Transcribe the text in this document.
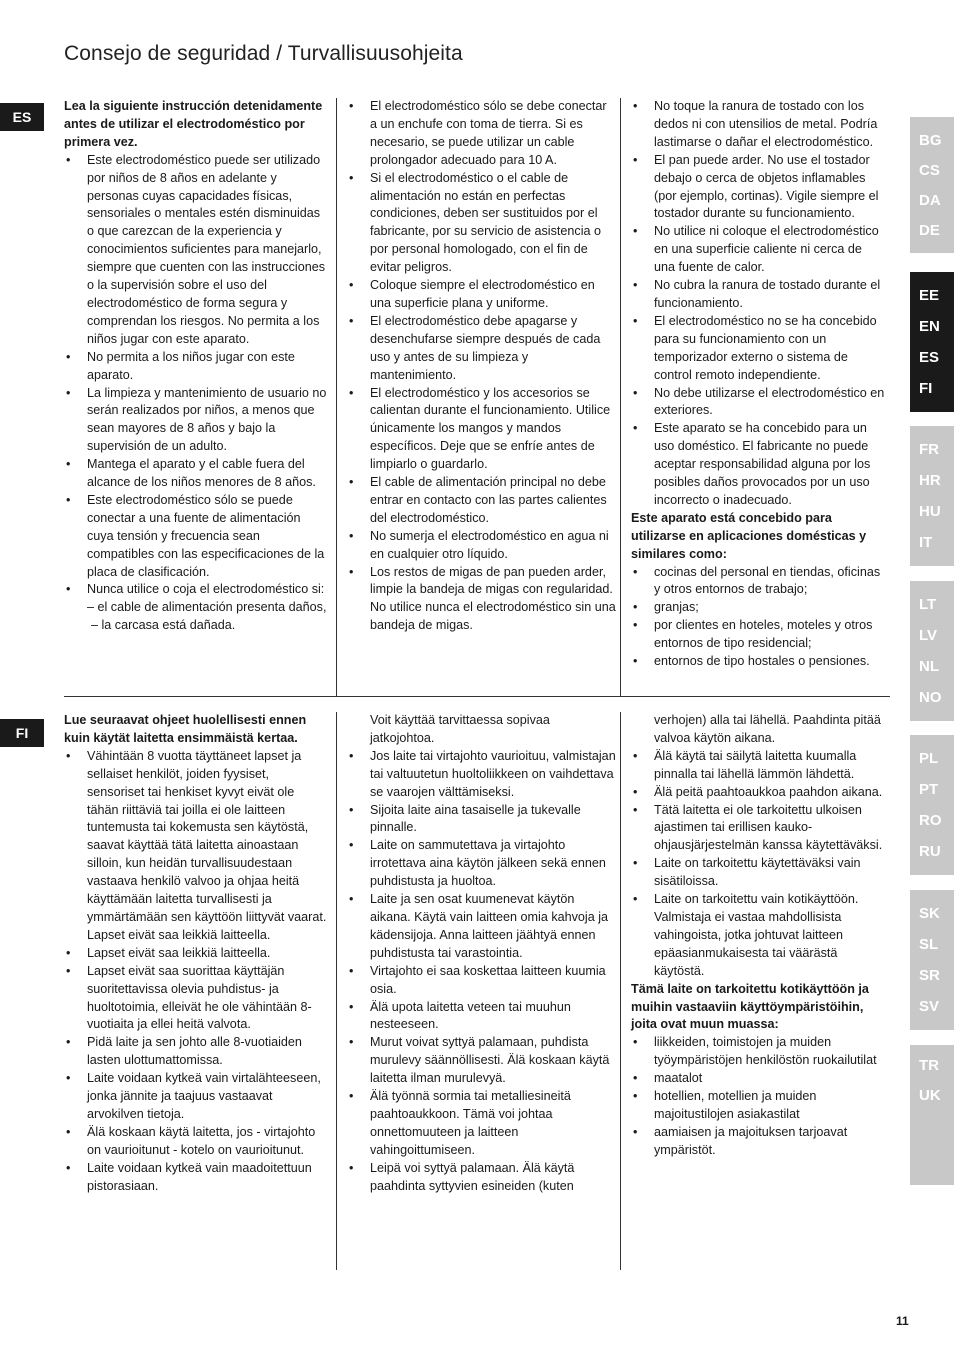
Consejo de seguridad / Turvallisuusohjeita
ES
FI

Lea la siguiente instrucción detenidamente antes de utilizar el electrodoméstico por primera vez.

• Este electrodoméstico puede ser utilizado por niños de 8 años en adelante y personas cuyas capacidades físicas, sensoriales o mentales estén disminuidas o que carezcan de la experiencia y conocimientos suficientes para manejarlo, siempre que cuenten con las instrucciones o la supervisión sobre el uso del electrodoméstico de forma segura y comprendan los riesgos. No permita a los niños jugar con este aparato.
• No permita a los niños jugar con este aparato.
• La limpieza y mantenimiento de usuario no serán realizados por niños, a menos que sean mayores de 8 años y bajo la supervisión de un adulto.
• Mantega el aparato y el cable fuera del alcance de los niños menores de 8 años.
• Este electrodoméstico sólo se puede conectar a una fuente de alimentación cuya tensión y frecuencia sean compatibles con las especificaciones de la placa de clasificación.
• Nunca utilice o coja el electrodoméstico si:
– el cable de alimentación presenta daños,
– la carcasa está dañada.
• El electrodoméstico sólo se debe conectar a un enchufe con toma de tierra. Si es necesario, se puede utilizar un cable prolongador adecuado para 10 A.
• Si el electrodoméstico o el cable de alimentación no están en perfectas condiciones, deben ser sustituidos por el fabricante, por su servicio de asistencia o por personal homologado, con el fin de evitar peligros.
• Coloque siempre el electrodoméstico en una superficie plana y uniforme.
• El electrodoméstico debe apagarse y desenchufarse siempre después de cada uso y antes de su limpieza y mantenimiento.
• El electrodoméstico y los accesorios se calientan durante el funcionamiento. Utilice únicamente los mangos y mandos específicos. Deje que se enfríe antes de limpiarlo o guardarlo.
• El cable de alimentación principal no debe entrar en contacto con las partes calientes del electrodoméstico.
• No sumerja el electrodoméstico en agua ni en cualquier otro líquido.
• Los restos de migas de pan pueden arder, limpie la bandeja de migas con regularidad. No utilice nunca el electrodoméstico sin una bandeja de migas.
• No toque la ranura de tostado con los dedos ni con utensilios de metal. Podría lastimarse o dañar el electrodoméstico.
• El pan puede arder. No use el tostador debajo o cerca de objetos inflamables (por ejemplo, cortinas). Vigile siempre el tostador durante su funcionamiento.
• No utilice ni coloque el electrodoméstico en una superficie caliente ni cerca de una fuente de calor.
• No cubra la ranura de tostado durante el funcionamiento.
• El electrodoméstico no se ha concebido para su funcionamiento con un temporizador externo o sistema de control remoto independiente.
• No debe utilizarse el electrodoméstico en exteriores.
• Este aparato se ha concebido para un uso doméstico. El fabricante no puede aceptar responsabilidad alguna por los posibles daños provocados por un uso incorrecto o inadecuado.

Este aparato está concebido para utilizarse en aplicaciones domésticas y similares como:

• cocinas del personal en tiendas, oficinas y otros entornos de trabajo;
• granjas;
• por clientes en hoteles, moteles y otros entornos de tipo residencial;
• entornos de tipo hostales o pensiones.

Lue seuraavat ohjeet huolellisesti ennen kuin käytät laitetta ensimmäistä kertaa.

• Vähintään 8 vuotta täyttäneet lapset ja sellaiset henkilöt, joiden fyysiset, sensoriset tai henkiset kyvyt eivät ole tähän riittäviä tai joilla ei ole laitteen tuntemusta tai kokemusta sen käytöstä, saavat käyttää tätä laitetta ainoastaan silloin, kun heidän turvallisuudestaan vastaava henkilö valvoo ja ohjaa heitä käyttämään laitetta turvallisesti ja ymmärtämään sen käyttöön liittyvät vaarat. Lapset eivät saa leikkiä laitteella.
• Lapset eivät saa leikkiä laitteella.
• Lapset eivät saa suorittaa käyttäjän suoritettavissa olevia puhdistus- ja huoltotoimia, elleivät he ole vähintään 8-vuotiaita ja ellei heitä valvota.
• Pidä laite ja sen johto alle 8-vuotiaiden lasten ulottumattomissa.
• Laite voidaan kytkeä vain virtalähteeseen, jonka jännite ja taajuus vastaavat arvokilven tietoja.
• Älä koskaan käytä laitetta, jos - virtajohto on vaurioitunut - kotelo on vaurioitunut.
• Laite voidaan kytkeä vain maadoitettuun pistorasiaan.
Voit käyttää tarvittaessa sopivaa jatkojohtoa.
• Jos laite tai virtajohto vaurioituu, valmistajan tai valtuutetun huoltoliikkeen on vaihdettava se vaarojen välttämiseksi.
• Sijoita laite aina tasaiselle ja tukevalle pinnalle.
• Laite on sammutettava ja virtajohto irrotettava aina käytön jälkeen sekä ennen puhdistusta ja huoltoa.
• Laite ja sen osat kuumenevat käytön aikana. Käytä vain laitteen omia kahvoja ja kädensijoja. Anna laitteen jäähtyä ennen puhdistusta tai varastointia.
• Virtajohto ei saa koskettaa laitteen kuumia osia.
• Älä upota laitetta veteen tai muuhun nesteeseen.
• Murut voivat syttyä palamaan, puhdista murulevy säännöllisesti. Älä koskaan käytä laitetta ilman murulevyä.
• Älä työnnä sormia tai metalliesineitä paahtoaukkoon. Tämä voi johtaa onnettomuuteen ja laitteen vahingoittumiseen.
• Leipä voi syttyä palamaan. Älä käytä paahdinta syttyvien esineiden (kuten
verhojen) alla tai lähellä. Paahdinta pitää valvoa käytön aikana.
• Älä käytä tai säilytä laitetta kuumalla pinnalla tai lähellä lämmön lähdettä.
• Älä peitä paahtoaukkoa paahdon aikana.
• Tätä laitetta ei ole tarkoitettu ulkoisen ajastimen tai erillisen kauko-ohjausjärjestelmän kanssa käytettäväksi.
• Laite on tarkoitettu käytettäväksi vain sisätiloissa.
• Laite on tarkoitettu vain kotikäyttöön. Valmistaja ei vastaa mahdollisista vahingoista, jotka johtuvat laitteen epäasianmukaisesta tai väärästä käytöstä.

Tämä laite on tarkoitettu kotikäyttöön ja muihin vastaaviin käyttöympäristöihin, joita ovat muun muassa:

• liikkeiden, toimistojen ja muiden työympäristöjen henkilöstön ruokailutilat
• maatalot
• hotellien, motellien ja muiden majoitustilojen asiakastilat
• aamiaisen ja majoituksen tarjoavat ympäristöt.
BG
CS
DA
DE
EE
EN
ES
FI
FR
HR
HU
IT
LT
LV
NL
NO
PL
PT
RO
RU
SK
SL
SR
SV
TR
UK
11
